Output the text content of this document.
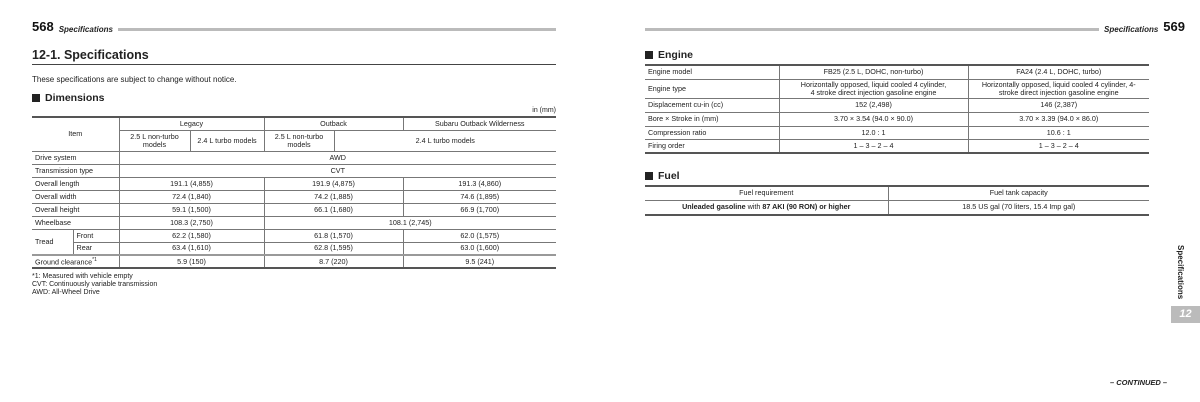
568 Specifications
12-1. Specifications
These specifications are subject to change without notice.
Dimensions
in (mm)
Item		Legacy		Outback		Subaru Outback Wilderness
		2.5 L non-turbo models	2.4 L turbo models	2.5 L non-turbo models	2.4 L turbo models	
Drive system		AWD				
Transmission type		CVT				
Overall length		191.1 (4,855)		191.9 (4,875)		191.3 (4,860)
Overall width		72.4 (1,840)		74.2 (1,885)		74.6 (1,895)
Overall height		59.1 (1,500)		66.1 (1,680)		66.9 (1,700)
Wheelbase		108.3 (2,750)		108.1 (2,745)		
Tread	Front	62.2 (1,580)		61.8 (1,570)		62.0 (1,575)
	Rear	63.4 (1,610)		62.8 (1,595)		63.0 (1,600)
Ground clearance$^{*1}$		5.9 (150)		8.7 (220)		9.5 (241)
*1: Measured with vehicle empty
CVT: Continuously variable transmission
AWD: All-Wheel Drive
Specifications 569
Engine
Engine model	FB25 (2.5 L, DOHC, non-turbo)	FA24 (2.4 L, DOHC, turbo)
Engine type	Horizontally opposed, liquid cooled 4 cylinder, 4 stroke direct injection gasoline engine	Horizontally opposed, liquid cooled 4 cylinder, 4-stroke direct injection gasoline engine
Displacement cu-in (cc)	152 (2,498)	146 (2,387)
Bore × Stroke in (mm)	3.70 × 3.54 (94.0 × 90.0)	3.70 × 3.39 (94.0 × 86.0)
Compression ratio	12.0 : 1	10.6 : 1
Firing order	1 – 3 – 2 – 4	1 – 3 – 2 – 4
Fuel
Fuel requirement	Fuel tank capacity
Unleaded gasoline with 87 AKI (90 RON) or higher	18.5 US gal (70 liters, 15.4 Imp gal)
Specifications
12
– CONTINUED –
